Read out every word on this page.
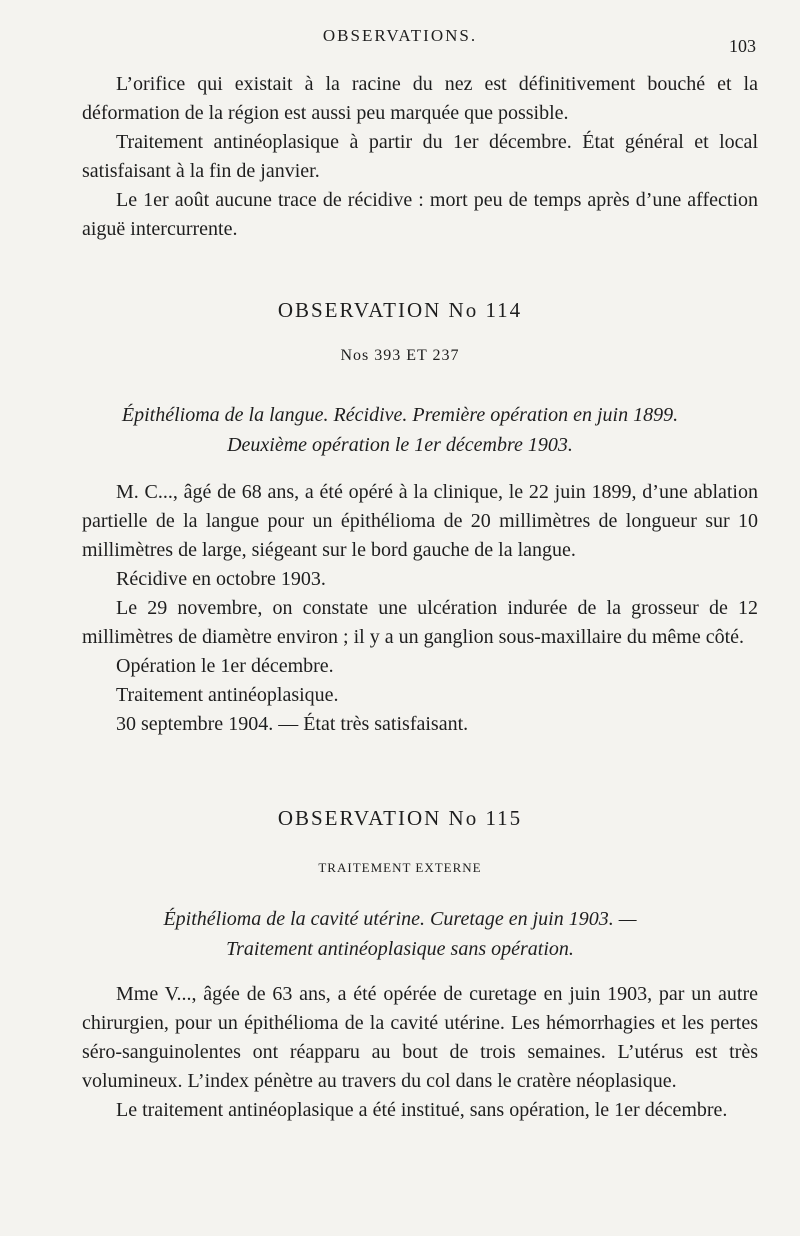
OBSERVATIONS.
103

L’orifice qui existait à la racine du nez est définitivement bouché et la déformation de la région est aussi peu marquée que possible.

Traitement antinéoplasique à partir du 1er décembre. État général et local satisfaisant à la fin de janvier.

Le 1er août aucune trace de récidive : mort peu de temps après d’une affection aiguë intercurrente.

OBSERVATION No 114
Nos 393 ET 237
Épithélioma de la langue. Récidive. Première opération en juin 1899.
Deuxième opération le 1er décembre 1903.

M. C..., âgé de 68 ans, a été opéré à la clinique, le 22 juin 1899, d’une ablation partielle de la langue pour un épithélioma de 20 millimètres de longueur sur 10 millimètres de large, siégeant sur le bord gauche de la langue.

Récidive en octobre 1903.

Le 29 novembre, on constate une ulcération indurée de la grosseur de 12 millimètres de diamètre environ ; il y a un ganglion sous-maxillaire du même côté.

Opération le 1er décembre.

Traitement antinéoplasique.

30 septembre 1904. — État très satisfaisant.

OBSERVATION No 115
TRAITEMENT EXTERNE
Épithélioma de la cavité utérine. Curetage en juin 1903. —
Traitement antinéoplasique sans opération.

Mme V..., âgée de 63 ans, a été opérée de curetage en juin 1903, par un autre chirurgien, pour un épithélioma de la cavité utérine. Les hémorrhagies et les pertes séro-sanguinolentes ont réapparu au bout de trois semaines. L’utérus est très volumineux. L’index pénètre au travers du col dans le cratère néoplasique.

Le traitement antinéoplasique a été institué, sans opération, le 1er décembre.
